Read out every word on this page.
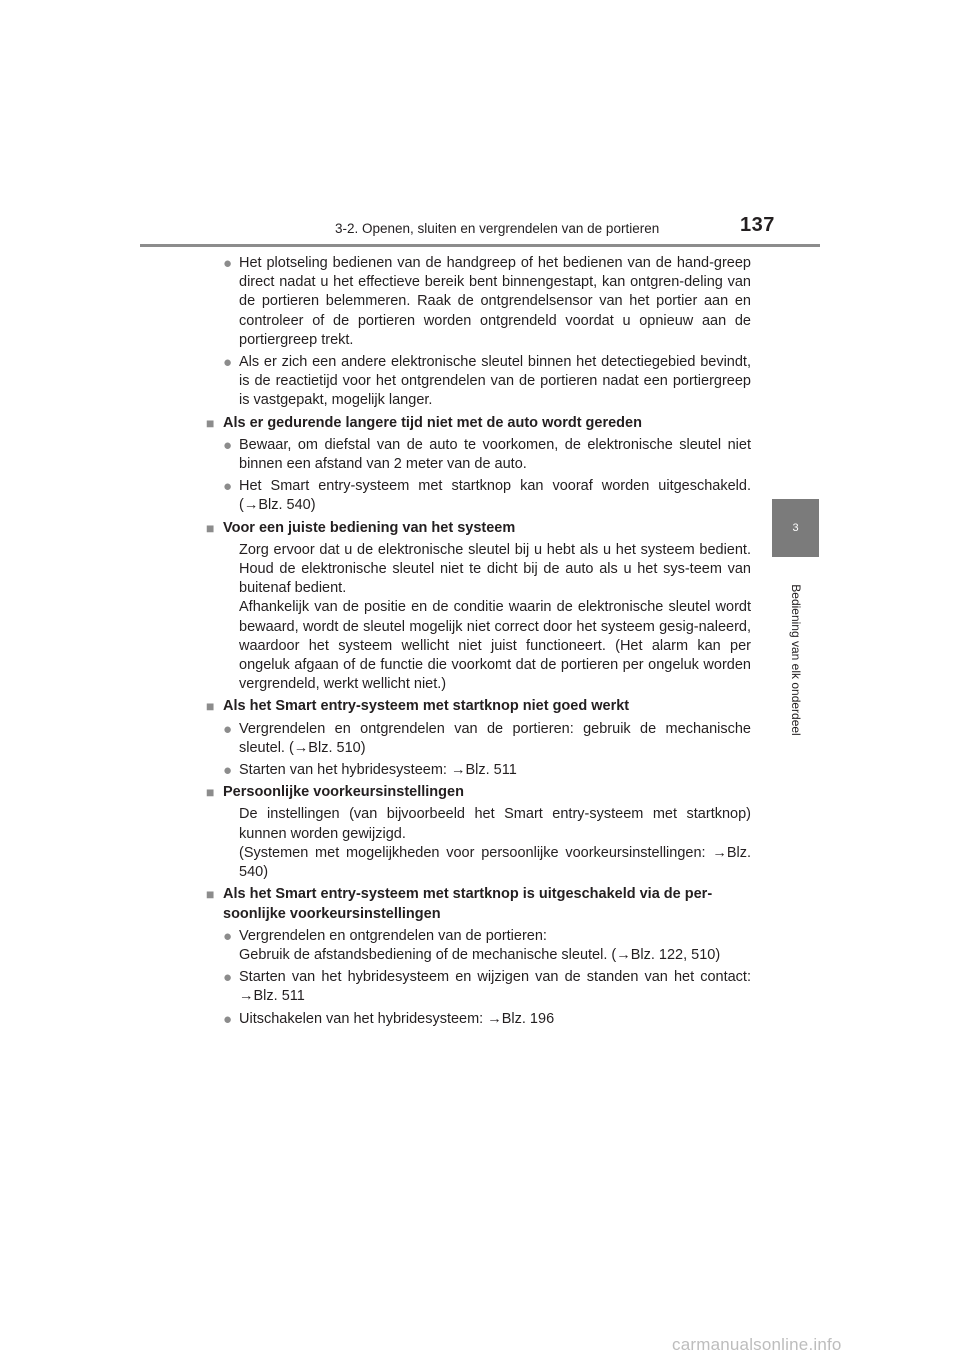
3-2. Openen, sluiten en vergrendelen van de portieren	137
3
Bediening van elk onderdeel
● Het plotseling bedienen van de handgreep of het bedienen van de hand-greep direct nadat u het effectieve bereik bent binnengestapt, kan ontgren-deling van de portieren belemmeren. Raak de ontgrendelsensor van het portier aan en controleer of de portieren worden ontgrendeld voordat u opnieuw aan de portiergreep trekt.
● Als er zich een andere elektronische sleutel binnen het detectiegebied bevindt, is de reactietijd voor het ontgrendelen van de portieren nadat een portiergreep is vastgepakt, mogelijk langer.
■ Als er gedurende langere tijd niet met de auto wordt gereden
● Bewaar, om diefstal van de auto te voorkomen, de elektronische sleutel niet binnen een afstand van 2 meter van de auto.
● Het Smart entry-systeem met startknop kan vooraf worden uitgeschakeld. (→Blz. 540)
■ Voor een juiste bediening van het systeem
Zorg ervoor dat u de elektronische sleutel bij u hebt als u het systeem bedient. Houd de elektronische sleutel niet te dicht bij de auto als u het sys-teem van buitenaf bedient.
Afhankelijk van de positie en de conditie waarin de elektronische sleutel wordt bewaard, wordt de sleutel mogelijk niet correct door het systeem gesig-naleerd, waardoor het systeem wellicht niet juist functioneert. (Het alarm kan per ongeluk afgaan of de functie die voorkomt dat de portieren per ongeluk worden vergrendeld, werkt wellicht niet.)
■ Als het Smart entry-systeem met startknop niet goed werkt
● Vergrendelen en ontgrendelen van de portieren: gebruik de mechanische sleutel. (→Blz. 510)
● Starten van het hybridesysteem: →Blz. 511
■ Persoonlijke voorkeursinstellingen
De instellingen (van bijvoorbeeld het Smart entry-systeem met startknop) kunnen worden gewijzigd.
(Systemen met mogelijkheden voor persoonlijke voorkeursinstellingen: →Blz. 540)
■ Als het Smart entry-systeem met startknop is uitgeschakeld via de per-soonlijke voorkeursinstellingen
● Vergrendelen en ontgrendelen van de portieren:
Gebruik de afstandsbediening of de mechanische sleutel. (→Blz. 122, 510)
● Starten van het hybridesysteem en wijzigen van de standen van het contact: →Blz. 511
● Uitschakelen van het hybridesysteem: →Blz. 196
carmanualsonline.info
